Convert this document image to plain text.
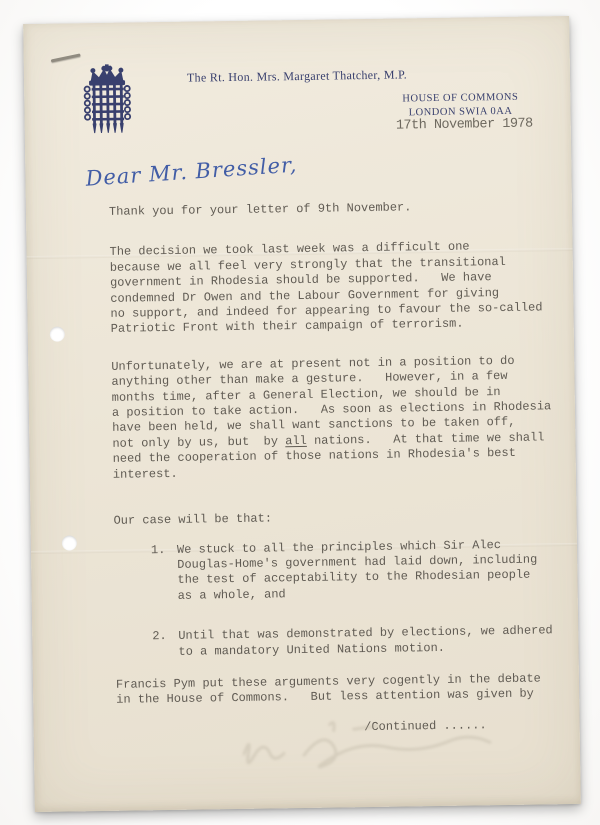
The Rt. Hon. Mrs. Margaret Thatcher, M.P.
HOUSE OF COMMONS
LONDON SWIA 0AA
17th November 1978
Dear Mr. Bressler,
Thank you for your letter of 9th November.
The decision we took last week was a difficult one
because we all feel very strongly that the transitional
government in Rhodesia should be supported.   We have
condemned Dr Owen and the Labour Government for giving
no support, and indeed for appearing to favour the so-called
Patriotic Front with their campaign of terrorism.
Unfortunately, we are at present not in a position to do
anything other than make a gesture.   However, in a few
months time, after a General Election, we should be in
a position to take action.   As soon as elections in Rhodesia
have been held, we shall want sanctions to be taken off,
not only by us, but  by all nations.   At that time we shall
need the cooperation of those nations in Rhodesia's best
interest.
Our case will be that:
1. We stuck to all the principles which Sir Alec
Douglas-Home's government had laid down, including
the test of acceptability to the Rhodesian people
as a whole, and
2. Until that was demonstrated by elections, we adhered
to a mandatory United Nations motion.
Francis Pym put these arguments very cogently in the debate
in the House of Commons.   But less attention was given by
/Continued ......
